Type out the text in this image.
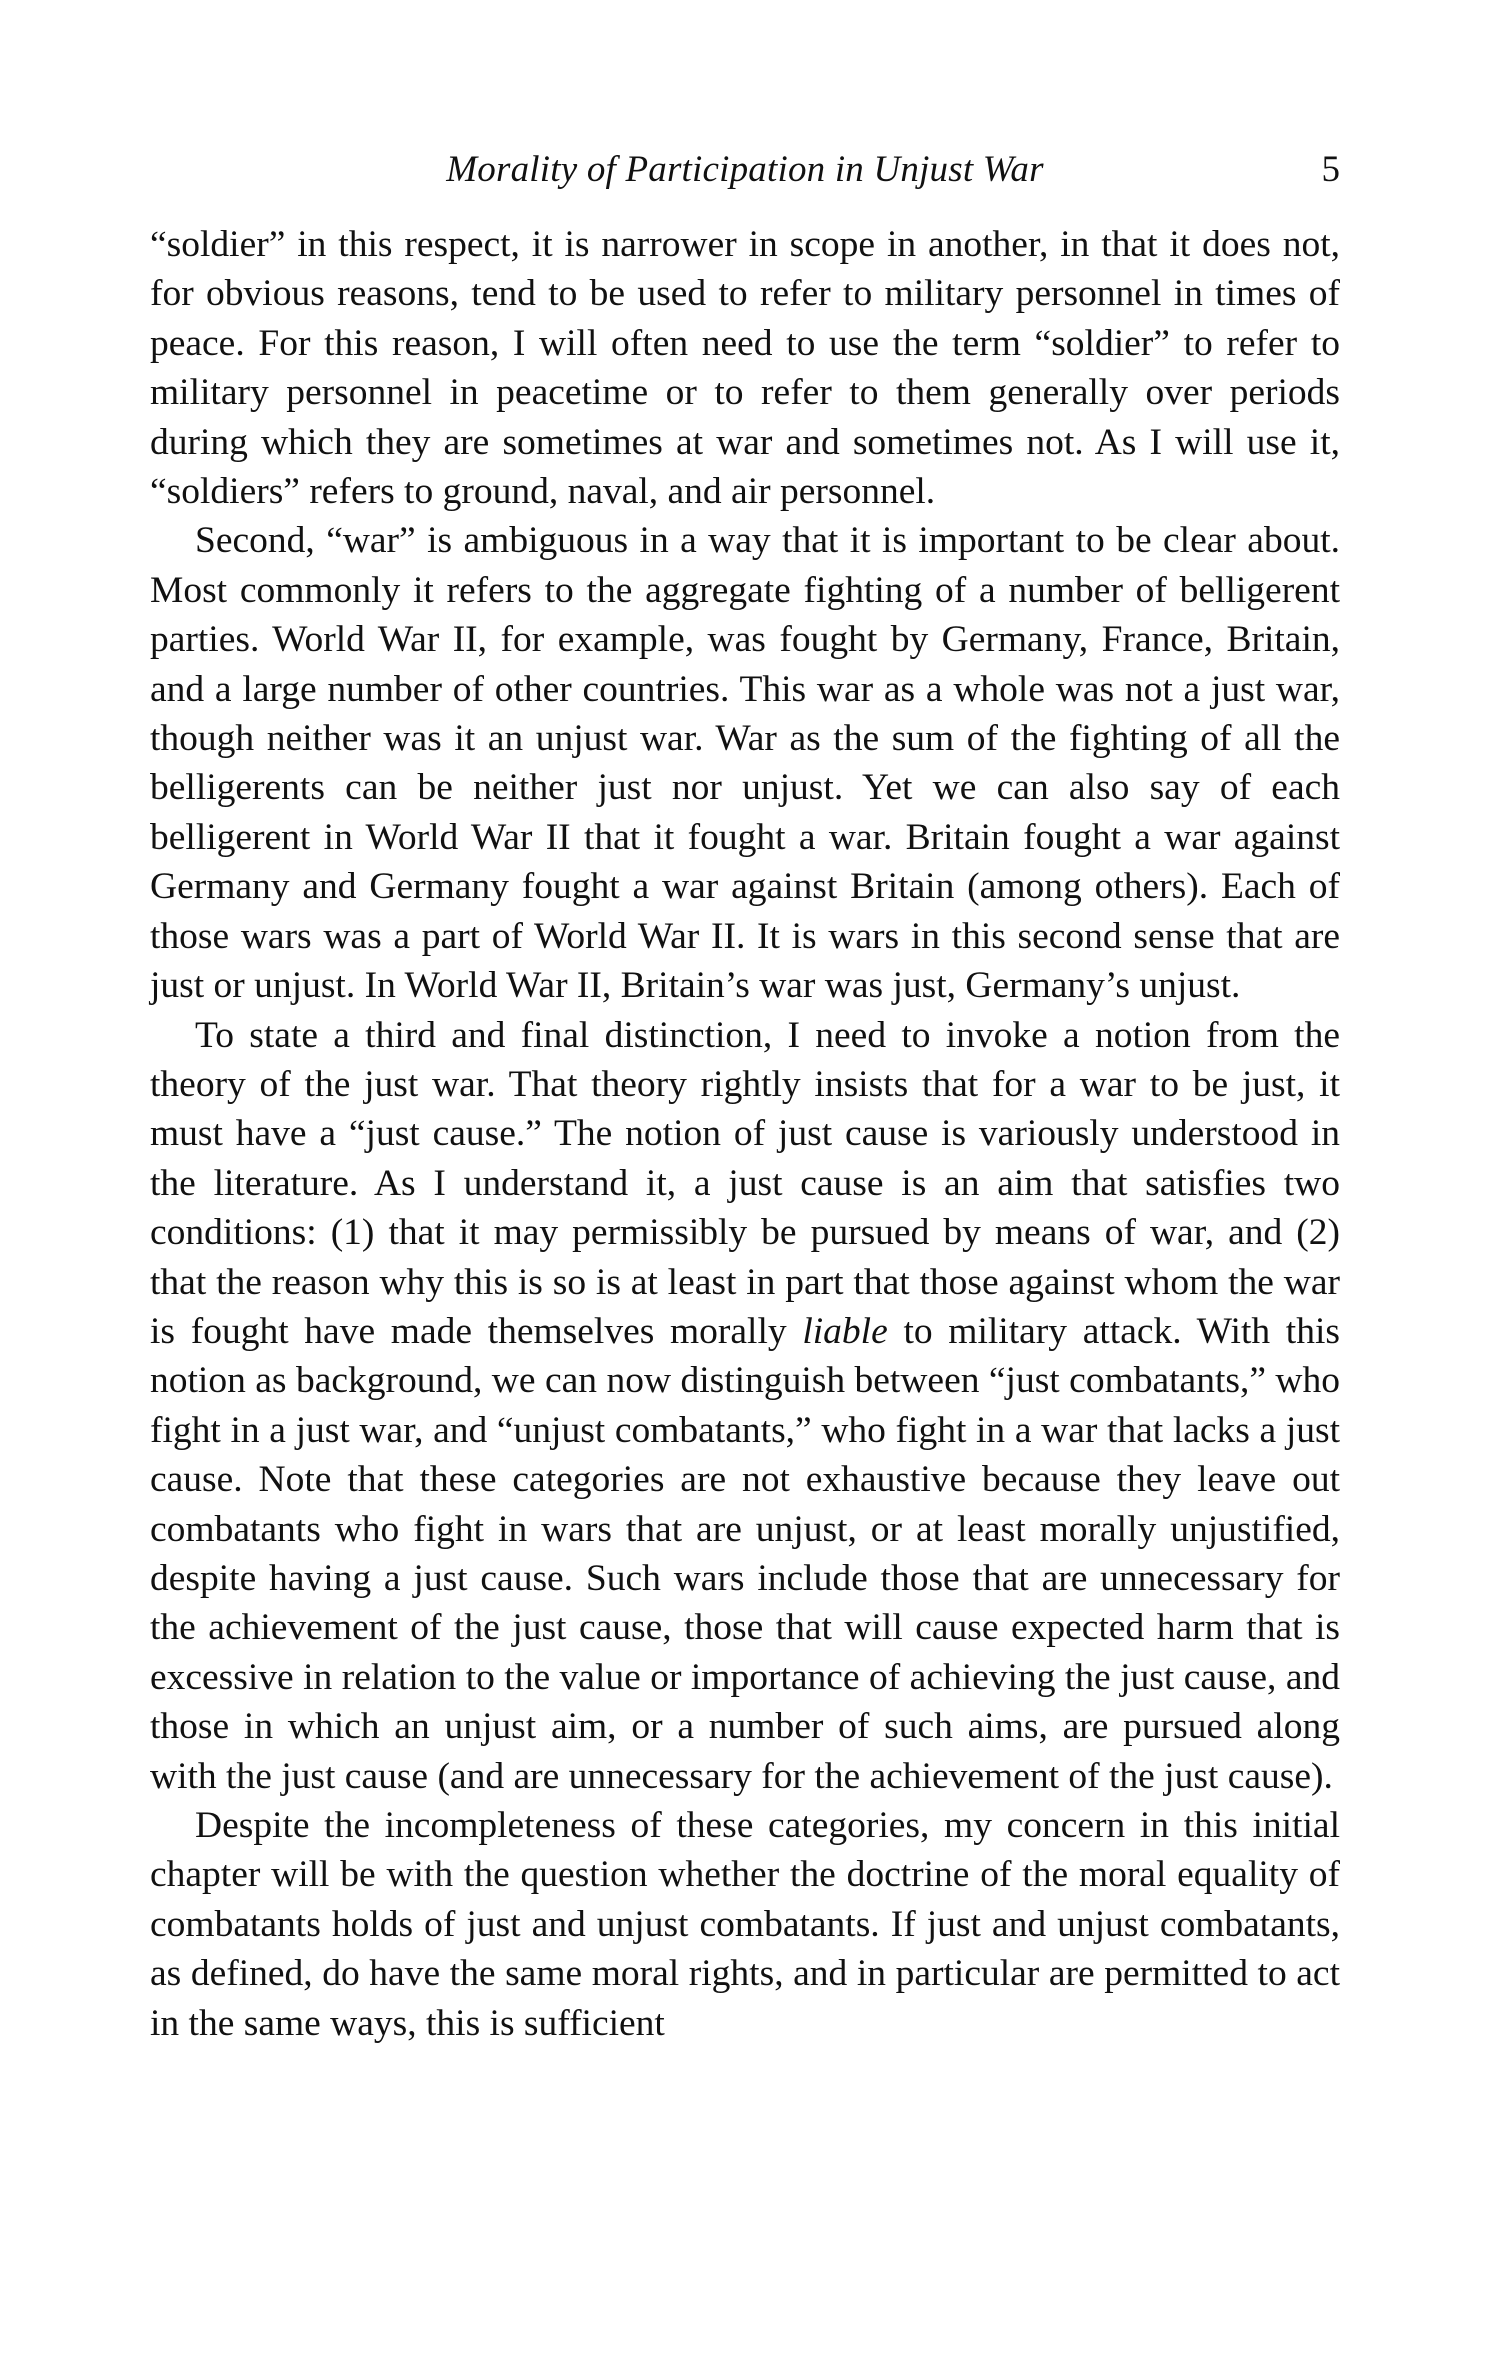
Morality of Participation in Unjust War	5

“soldier” in this respect, it is narrower in scope in another, in that it does not, for obvious reasons, tend to be used to refer to military personnel in times of peace. For this reason, I will often need to use the term “soldier” to refer to military personnel in peacetime or to refer to them generally over periods during which they are sometimes at war and sometimes not. As I will use it, “soldiers” refers to ground, naval, and air personnel.

Second, “war” is ambiguous in a way that it is important to be clear about. Most commonly it refers to the aggregate fighting of a number of belligerent parties. World War II, for example, was fought by Germany, France, Britain, and a large number of other countries. This war as a whole was not a just war, though neither was it an unjust war. War as the sum of the fighting of all the belligerents can be neither just nor unjust. Yet we can also say of each belligerent in World War II that it fought a war. Britain fought a war against Germany and Germany fought a war against Britain (among others). Each of those wars was a part of World War II. It is wars in this second sense that are just or unjust. In World War II, Britain’s war was just, Germany’s unjust.

To state a third and final distinction, I need to invoke a notion from the theory of the just war. That theory rightly insists that for a war to be just, it must have a “just cause.” The notion of just cause is variously understood in the literature. As I understand it, a just cause is an aim that satisfies two conditions: (1) that it may permissibly be pursued by means of war, and (2) that the reason why this is so is at least in part that those against whom the war is fought have made themselves morally liable to military attack. With this notion as background, we can now distinguish between “just combatants,” who fight in a just war, and “unjust combatants,” who fight in a war that lacks a just cause. Note that these categories are not exhaustive because they leave out combatants who fight in wars that are unjust, or at least morally unjustified, despite having a just cause. Such wars include those that are unnecessary for the achievement of the just cause, those that will cause expected harm that is excessive in relation to the value or importance of achieving the just cause, and those in which an unjust aim, or a number of such aims, are pursued along with the just cause (and are unnecessary for the achievement of the just cause).

Despite the incompleteness of these categories, my concern in this initial chapter will be with the question whether the doctrine of the moral equality of combatants holds of just and unjust combatants. If just and unjust combatants, as defined, do have the same moral rights, and in particular are permitted to act in the same ways, this is sufficient
